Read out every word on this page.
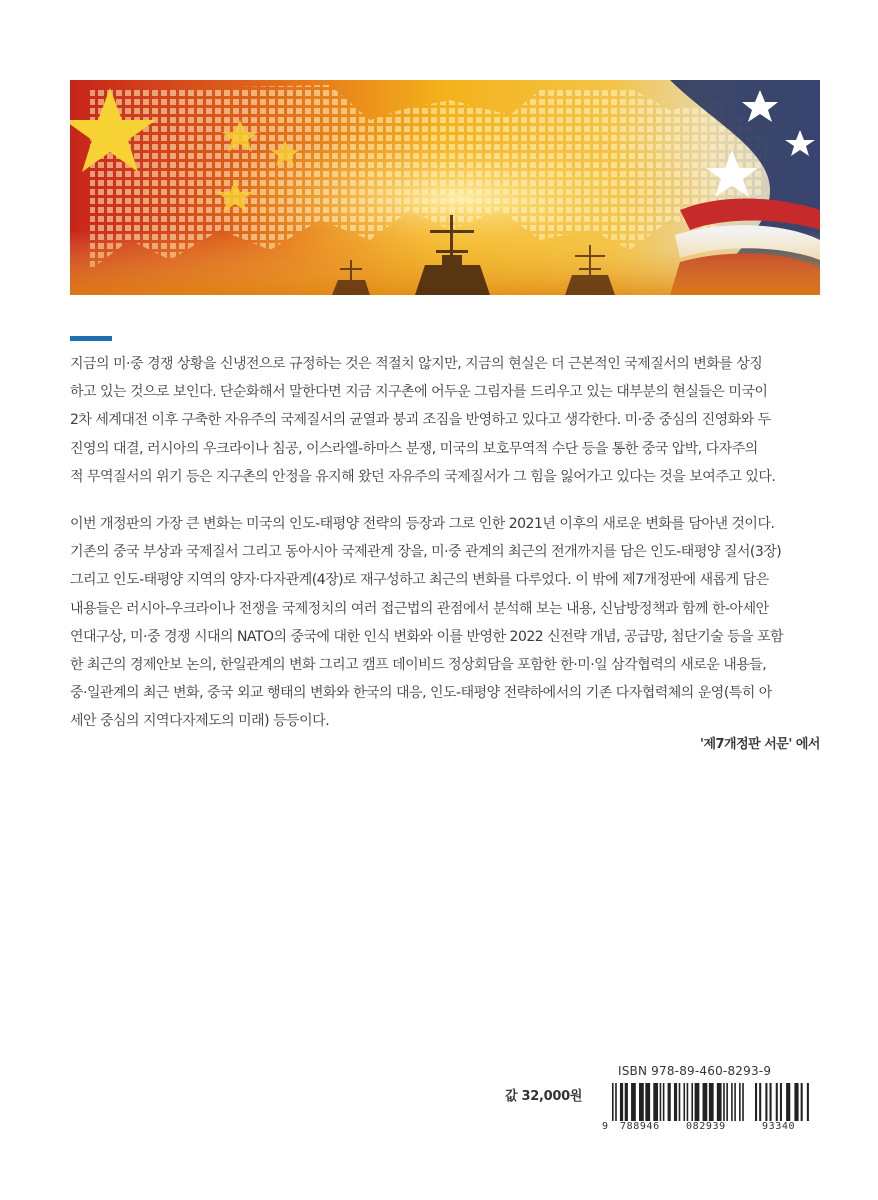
지금의 미·중 경쟁 상황을 신냉전으로 규정하는 것은 적절치 않지만, 지금의 현실은 더 근본적인 국제질서의 변화를 상징

하고 있는 것으로 보인다. 단순화해서 말한다면 지금 지구촌에 어두운 그림자를 드리우고 있는 대부분의 현실들은 미국이

2차 세계대전 이후 구축한 자유주의 국제질서의 균열과 붕괴 조짐을 반영하고 있다고 생각한다. 미·중 중심의 진영화와 두

진영의 대결, 러시아의 우크라이나 침공, 이스라엘-하마스 분쟁, 미국의 보호무역적 수단 등을 통한 중국 압박, 다자주의

적 무역질서의 위기 등은 지구촌의 안정을 유지해 왔던 자유주의 국제질서가 그 힘을 잃어가고 있다는 것을 보여주고 있다.

이번 개정판의 가장 큰 변화는 미국의 인도-태평양 전략의 등장과 그로 인한 2021년 이후의 새로운 변화를 담아낸 것이다.

기존의 중국 부상과 국제질서 그리고 동아시아 국제관계 장을, 미·중 관계의 최근의 전개까지를 담은 인도-태평양 질서(3장)

그리고 인도-태평양 지역의 양자·다자관계(4장)로 재구성하고 최근의 변화를 다루었다. 이 밖에 제7개정판에 새롭게 담은

내용들은 러시아-우크라이나 전쟁을 국제정치의 여러 접근법의 관점에서 분석해 보는 내용, 신남방정책과 함께 한-아세안

연대구상, 미·중 경쟁 시대의 NATO의 중국에 대한 인식 변화와 이를 반영한 2022 신전략 개념, 공급망, 첨단기술 등을 포함

한 최근의 경제안보 논의, 한일관계의 변화 그리고 캠프 데이비드 정상회담을 포함한 한·미·일 삼각협력의 새로운 내용들,

중·일관계의 최근 변화, 중국 외교 행태의 변화와 한국의 대응, 인도-태평양 전략하에서의 기존 다자협력체의 운영(특히 아

세안 중심의 지역다자제도의 미래) 등등이다.

'제7개정판 서문' 에서
값 32,000원
ISBN 978-89-460-8293-9
9 788946	082939	93340
